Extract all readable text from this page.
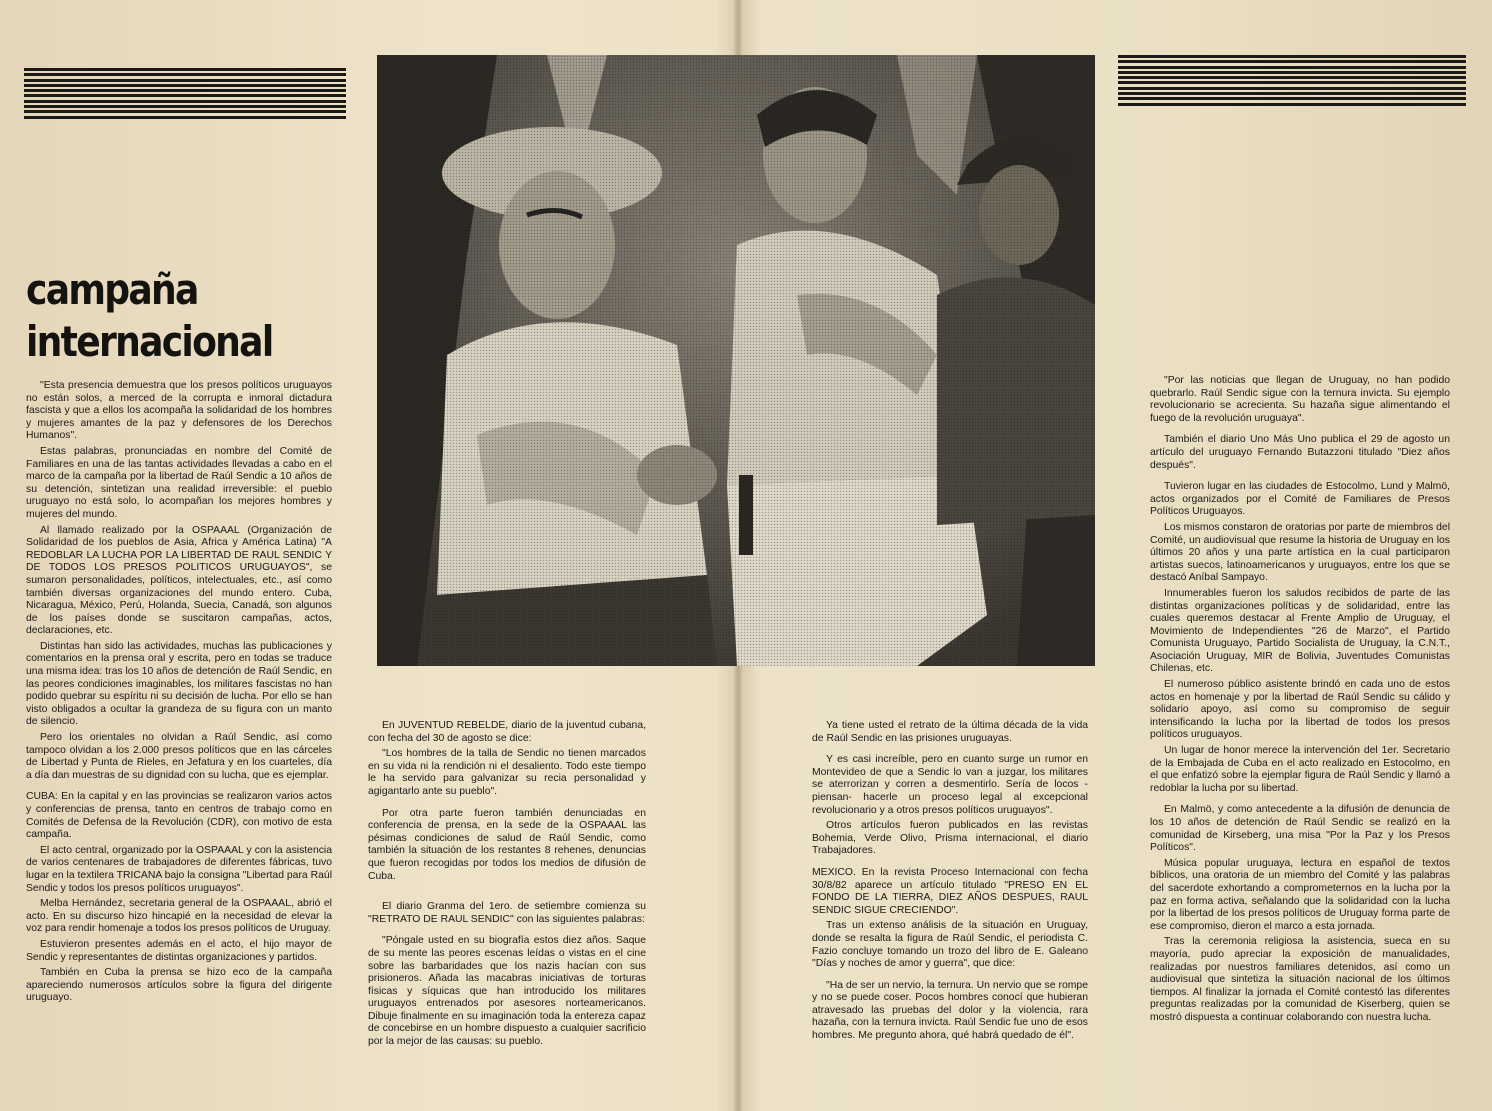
campaña
internacional

"Esta presencia demuestra que los presos políticos uruguayos no están solos, a merced de la corrupta e inmoral dictadura fascista y que a ellos los acompaña la solidaridad de los hombres y mujeres amantes de la paz y defensores de los Derechos Humanos".

Estas palabras, pronunciadas en nombre del Comité de Familiares en una de las tantas actividades llevadas a cabo en el marco de la campaña por la libertad de Raúl Sendic a 10 años de su detención, sintetizan una realidad irreversible: el pueblo uruguayo no está solo, lo acompañan los mejores hombres y mujeres del mundo.

Al llamado realizado por la OSPAAAL (Organización de Solidaridad de los pueblos de Asia, Africa y América Latina) "A REDOBLAR LA LUCHA POR LA LIBERTAD DE RAUL SENDIC Y DE TODOS LOS PRESOS POLITICOS URUGUAYOS", se sumaron personalidades, políticos, intelectuales, etc., así como también diversas organizaciones del mundo entero. Cuba, Nicaragua, México, Perú, Holanda, Suecia, Canadá, son algunos de los países donde se suscitaron campañas, actos, declaraciones, etc.

Distintas han sido las actividades, muchas las publicaciones y comentarios en la prensa oral y escrita, pero en todas se traduce una misma idea: tras los 10 años de detención de Raúl Sendic, en las peores condiciones imaginables, los militares fascistas no han podido quebrar su espíritu ni su decisión de lucha. Por ello se han visto obligados a ocultar la grandeza de su figura con un manto de silencio.

Pero los orientales no olvidan a Raúl Sendic, así como tampoco olvidan a los 2.000 presos políticos que en las cárceles de Libertad y Punta de Rieles, en Jefatura y en los cuarteles, día a día dan muestras de su dignidad con su lucha, que es ejemplar.

CUBA: En la capital y en las provincias se realizaron varios actos y conferencias de prensa, tanto en centros de trabajo como en Comités de Defensa de la Revolución (CDR), con motivo de esta campaña.

El acto central, organizado por la OSPAAAL y con la asistencia de varios centenares de trabajadores de diferentes fábricas, tuvo lugar en la textilera TRICANA bajo la consigna "Libertad para Raúl Sendic y todos los presos políticos uruguayos".

Melba Hernández, secretaria general de la OSPAAAL, abrió el acto. En su discurso hizo hincapié en la necesidad de elevar la voz para rendir homenaje a todos los presos políticos de Uruguay.

Estuvieron presentes además en el acto, el hijo mayor de Sendic y representantes de distintas organizaciones y partidos.

También en Cuba la prensa se hizo eco de la campaña apareciendo numerosos artículos sobre la figura del dirigente uruguayo.

En JUVENTUD REBELDE, diario de la juventud cubana, con fecha del 30 de agosto se dice:

"Los hombres de la talla de Sendic no tienen marcados en su vida ni la rendición ni el desaliento. Todo este tiempo le ha servido para galvanizar su recia personalidad y agigantarlo ante su pueblo".

Por otra parte fueron también denunciadas en conferencia de prensa, en la sede de la OSPAAAL las pésimas condiciones de salud de Raúl Sendic, como también la situación de los restantes 8 rehenes, denuncias que fueron recogidas por todos los medios de difusión de Cuba.

El diario Granma del 1ero. de setiembre comienza su "RETRATO DE RAUL SENDIC" con las siguientes palabras:

"Póngale usted en su biografía estos diez años. Saque de su mente las peores escenas leídas o vistas en el cine sobre las barbaridades que los nazis hacían con sus prisioneros. Añada las macabras iniciativas de torturas físicas y síquicas que han introducido los militares uruguayos entrenados por asesores norteamericanos. Dibuje finalmente en su imaginación toda la entereza capaz de concebirse en un hombre dispuesto a cualquier sacrificio por la mejor de las causas: su pueblo.

Ya tiene usted el retrato de la última década de la vida de Raúl Sendic en las prisiones uruguayas.

Y es casi increíble, pero en cuanto surge un rumor en Montevideo de que a Sendic lo van a juzgar, los militares se aterrorizan y corren a desmentirlo. Sería de locos -piensan- hacerle un proceso legal al excepcional revolucionario y a otros presos políticos uruguayos".

Otros artículos fueron publicados en las revistas Bohemia, Verde Olivo, Prisma internacional, el diario Trabajadores.

MEXICO. En la revista Proceso Internacional con fecha 30/8/82 aparece un artículo titulado "PRESO EN EL FONDO DE LA TIERRA, DIEZ AÑOS DESPUES, RAUL SENDIC SIGUE CRECIENDO".

Tras un extenso análisis de la situación en Uruguay, donde se resalta la figura de Raúl Sendic, el periodista C. Fazio concluye tomando un trozo del libro de E. Galeano "Días y noches de amor y guerra", que dice:

"Ha de ser un nervio, la ternura. Un nervio que se rompe y no se puede coser. Pocos hombres conocí que hubieran atravesado las pruebas del dolor y la violencia, rara hazaña, con la ternura invicta. Raúl Sendic fue uno de esos hombres. Me pregunto ahora, qué habrá quedado de él".

"Por las noticias que llegan de Uruguay, no han podido quebrarlo. Raúl Sendic sigue con la ternura invicta. Su ejemplo revolucionario se acrecienta. Su hazaña sigue alimentando el fuego de la revolución uruguaya".

También el diario Uno Más Uno publica el 29 de agosto un artículo del uruguayo Fernando Butazzoni titulado "Diez años después".

Tuvieron lugar en las ciudades de Estocolmo, Lund y Malmö, actos organizados por el Comité de Familiares de Presos Políticos Uruguayos.

Los mismos constaron de oratorias por parte de miembros del Comité, un audiovisual que resume la historia de Uruguay en los últimos 20 años y una parte artística en la cual participaron artistas suecos, latinoamericanos y uruguayos, entre los que se destacó Aníbal Sampayo.

Innumerables fueron los saludos recibidos de parte de las distintas organizaciones políticas y de solidaridad, entre las cuales queremos destacar al Frente Amplio de Uruguay, el Movimiento de Independientes "26 de Marzo", el Partido Comunista Uruguayo, Partido Socialista de Uruguay, la C.N.T., Asociación Uruguay, MIR de Bolivia, Juventudes Comunistas Chilenas, etc.

El numeroso público asistente brindó en cada uno de estos actos en homenaje y por la libertad de Raúl Sendic su cálido y solidario apoyo, así como su compromiso de seguir intensificando la lucha por la libertad de todos los presos políticos uruguayos.

Un lugar de honor merece la intervención del 1er. Secretario de la Embajada de Cuba en el acto realizado en Estocolmo, en el que enfatizó sobre la ejemplar figura de Raúl Sendic y llamó a redoblar la lucha por su libertad.

En Malmö, y como antecedente a la difusión de denuncia de los 10 años de detención de Raúl Sendic se realizó en la comunidad de Kirseberg, una misa "Por la Paz y los Presos Políticos".

Música popular uruguaya, lectura en español de textos bíblicos, una oratoria de un miembro del Comité y las palabras del sacerdote exhortando a comprometernos en la lucha por la paz en forma activa, señalando que la solidaridad con la lucha por la libertad de los presos políticos de Uruguay forma parte de ese compromiso, dieron el marco a esta jornada.

Tras la ceremonia religiosa la asistencia, sueca en su mayoría, pudo apreciar la exposición de manualidades, realizadas por nuestros familiares detenidos, así como un audiovisual que sintetiza la situación nacional de los últimos tiempos. Al finalizar la jornada el Comité contestó las diferentes preguntas realizadas por la comunidad de Kiserberg, quien se mostró dispuesta a continuar colaborando con nuestra lucha.
